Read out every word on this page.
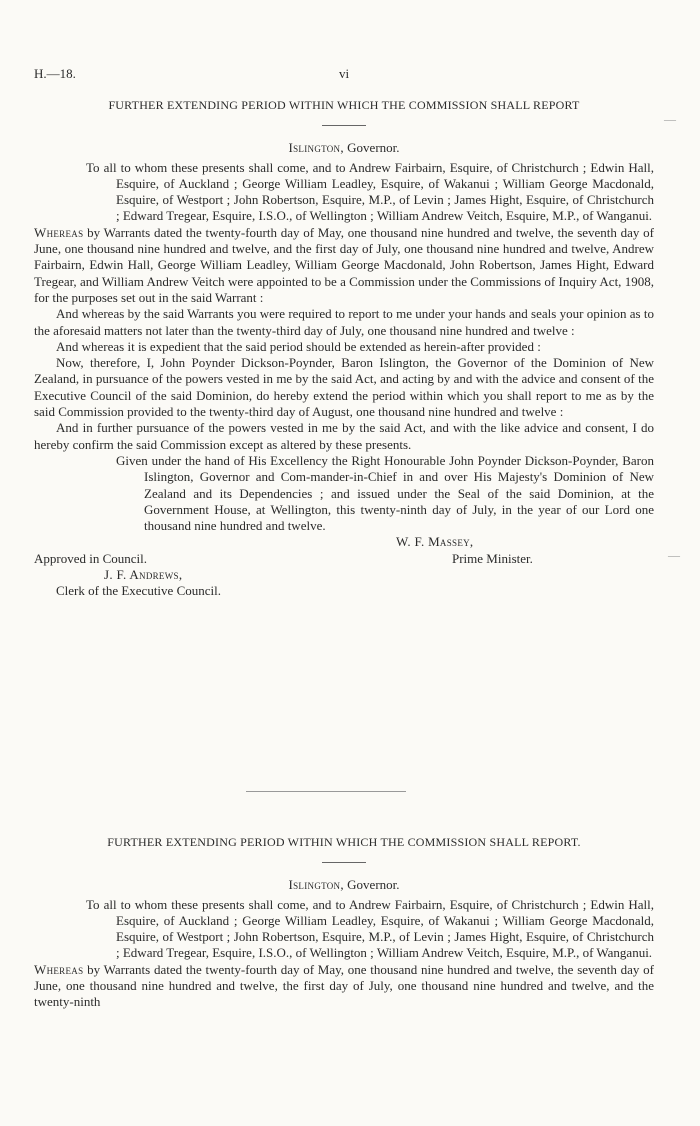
H.—18.	vi
FURTHER EXTENDING PERIOD WITHIN WHICH THE COMMISSION SHALL REPORT
Islington, Governor.
To all to whom these presents shall come, and to Andrew Fairbairn, Esquire, of Christchurch ; Edwin Hall, Esquire, of Auckland ; George William Leadley, Esquire, of Wakanui ; William George Macdonald, Esquire, of Westport ; John Robertson, Esquire, M.P., of Levin ; James Hight, Esquire, of Christchurch ; Edward Tregear, Esquire, I.S.O., of Wellington ; William Andrew Veitch, Esquire, M.P., of Wanganui.

Whereas by Warrants dated the twenty-fourth day of May, one thousand nine hundred and twelve, the seventh day of June, one thousand nine hundred and twelve, and the first day of July, one thousand nine hundred and twelve, Andrew Fairbairn, Edwin Hall, George William Leadley, William George Macdonald, John Robertson, James Hight, Edward Tregear, and William Andrew Veitch were appointed to be a Commission under the Commissions of Inquiry Act, 1908, for the purposes set out in the said Warrant :

And whereas by the said Warrants you were required to report to me under your hands and seals your opinion as to the aforesaid matters not later than the twenty-third day of July, one thousand nine hundred and twelve :

And whereas it is expedient that the said period should be extended as herein-after provided :

Now, therefore, I, John Poynder Dickson-Poynder, Baron Islington, the Governor of the Dominion of New Zealand, in pursuance of the powers vested in me by the said Act, and acting by and with the advice and consent of the Executive Council of the said Dominion, do hereby extend the period within which you shall report to me as by the said Commission provided to the twenty-third day of August, one thousand nine hundred and twelve :

And in further pursuance of the powers vested in me by the said Act, and with the like advice and consent, I do hereby confirm the said Commission except as altered by these presents.

Given under the hand of His Excellency the Right Honourable John Poynder Dickson-Poynder, Baron Islington, Governor and Com-mander-in-Chief in and over His Majesty's Dominion of New Zealand and its Dependencies ; and issued under the Seal of the said Dominion, at the Government House, at Wellington, this twenty-ninth day of July, in the year of our Lord one thousand nine hundred and twelve.
W. F. Massey,
Approved in Council.	Prime Minister.
J. F. Andrews,
Clerk of the Executive Council.
FURTHER EXTENDING PERIOD WITHIN WHICH THE COMMISSION SHALL REPORT.
Islington, Governor.
To all to whom these presents shall come, and to Andrew Fairbairn, Esquire, of Christchurch ; Edwin Hall, Esquire, of Auckland ; George William Leadley, Esquire, of Wakanui ; William George Macdonald, Esquire, of Westport ; John Robertson, Esquire, M.P., of Levin ; James Hight, Esquire, of Christchurch ; Edward Tregear, Esquire, I.S.O., of Wellington ; William Andrew Veitch, Esquire, M.P., of Wanganui.

Whereas by Warrants dated the twenty-fourth day of May, one thousand nine hundred and twelve, the seventh day of June, one thousand nine hundred and twelve, the first day of July, one thousand nine hundred and twelve, and the twenty-ninth

—
—
